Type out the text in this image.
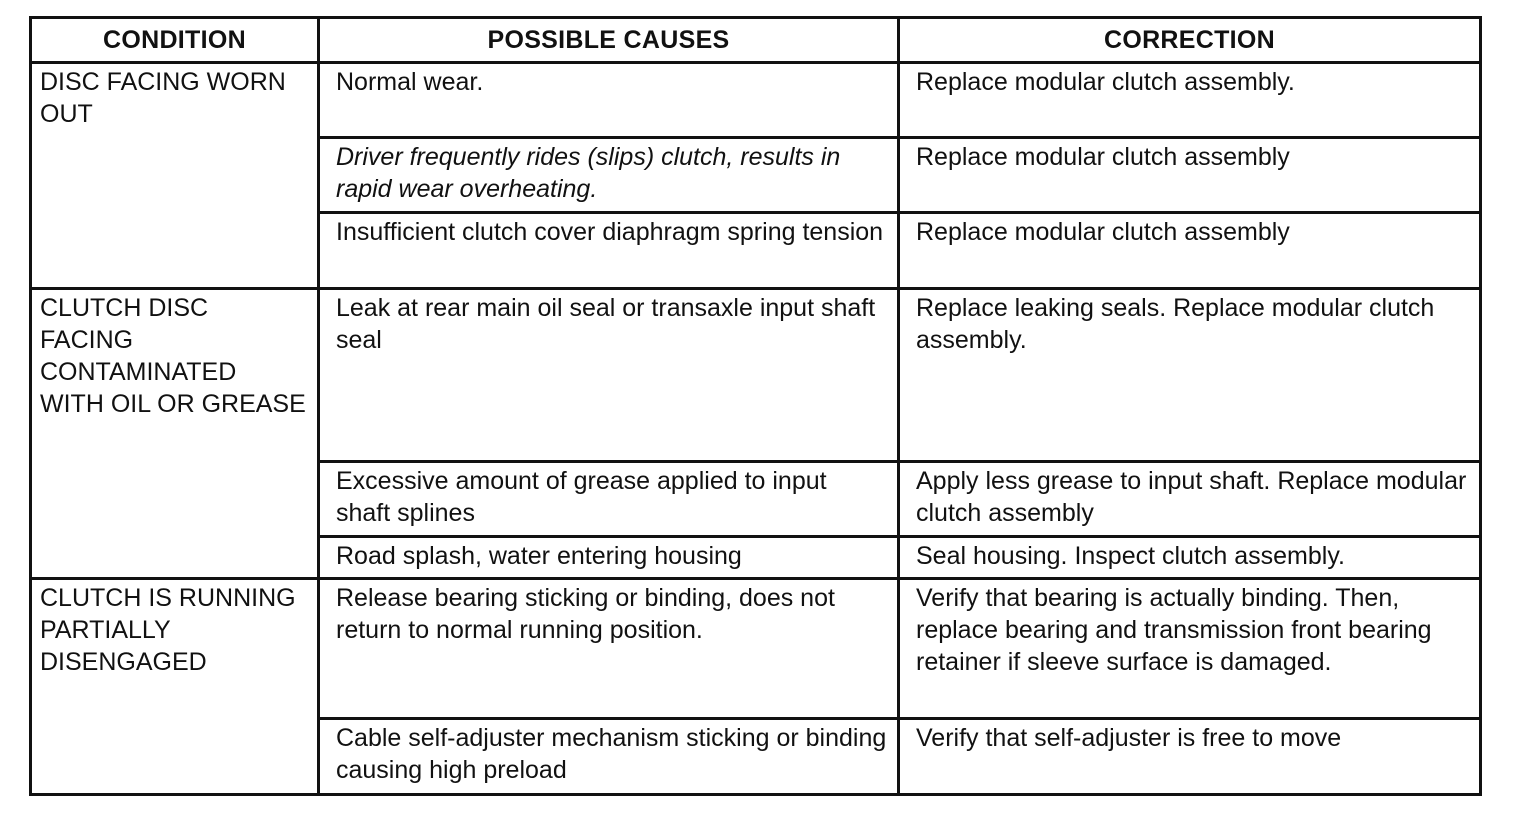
CONDITION	POSSIBLE CAUSES	CORRECTION
DISC FACING WORN OUT	Normal wear.	Replace modular clutch assembly.
	Driver frequently rides (slips) clutch, results in rapid wear overheating.	Replace modular clutch assembly
	Insufficient clutch cover diaphragm spring tension	Replace modular clutch assembly
CLUTCH DISC FACING CONTAMINATED WITH OIL OR GREASE	Leak at rear main oil seal or transaxle input shaft seal	Replace leaking seals. Replace modular clutch assembly.
	Excessive amount of grease applied to input shaft splines	Apply less grease to input shaft. Replace modular clutch assembly
	Road splash, water entering housing	Seal housing. Inspect clutch assembly.
CLUTCH IS RUNNING PARTIALLY DISENGAGED	Release bearing sticking or binding, does not return to normal running position.	Verify that bearing is actually binding. Then, replace bearing and transmission front bearing retainer if sleeve surface is damaged.
	Cable self-adjuster mechanism sticking or binding causing high preload	Verify that self-adjuster is free to move
